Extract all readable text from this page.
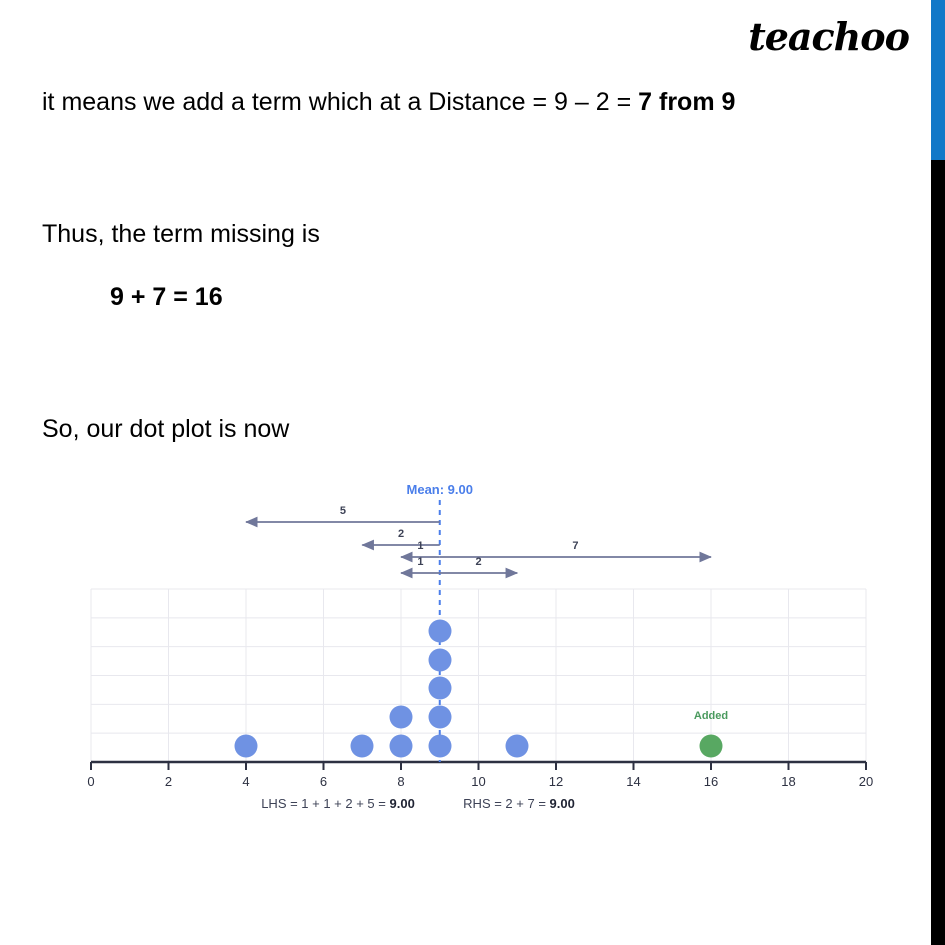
teachoo
it means we add a term which at a Distance = 9 – 2 = 7 from 9
Thus, the term missing is
9 + 7 = 16
So, our dot plot is now
5
2
1	7
1	2
Added
Mean: 9.00
0	2	4	6	8	10	12	14	16	18	20
LHS = 1 + 1 + 2 + 5 = 9.00	RHS = 2 + 7 = 9.00
